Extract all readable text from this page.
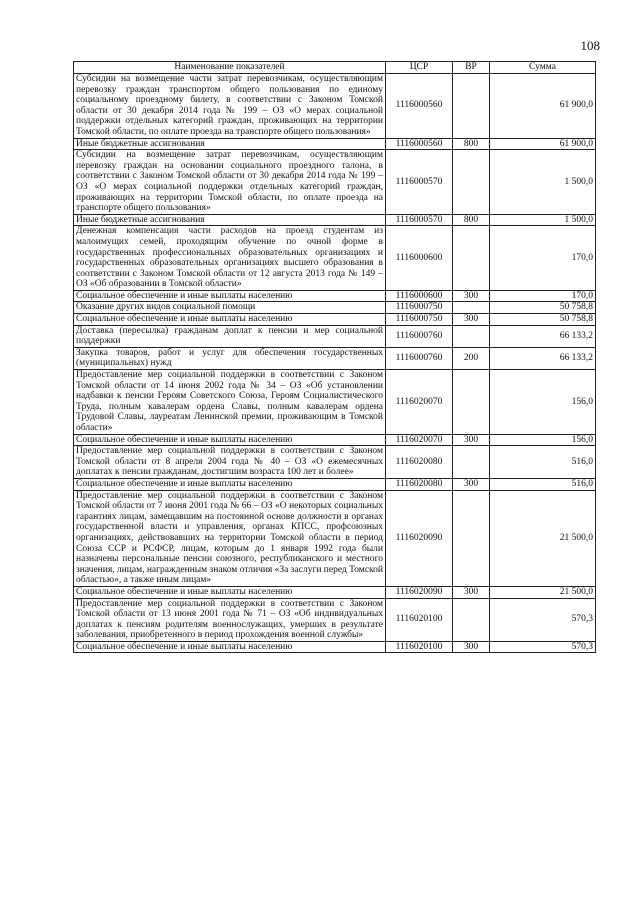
108
Наименование показателей	ЦСР	ВР	Сумма
Субсидии на возмещение части затрат перевозчикам, осуществляющим перевозку граждан транспортом общего пользования по единому социальному проездному билету, в соответствии с Законом Томской области от 30 декабря 2014 года № 199 – ОЗ «О мерах социальной поддержки отдельных категорий граждан, проживающих на территории Томской области, по оплате проезда на транспорте общего пользования»	1116000560		61 900,0
Иные бюджетные ассигнования	1116000560	800	61 900,0
Субсидии на возмещение затрат перевозчикам, осуществляющим перевозку граждан на основании социального проездного талона, в соответствии с Законом Томской области от 30 декабря 2014 года № 199 – ОЗ «О мерах социальной поддержки отдельных категорий граждан, проживающих на территории Томской области, по оплате проезда на транспорте общего пользования»	1116000570		1 500,0
Иные бюджетные ассигнования	1116000570	800	1 500,0
Денежная компенсация части расходов на проезд студентам из малоимущих семей, проходящим обучение по очной форме в государственных профессиональных образовательных организациях и государственных образовательных организациях высшего образования в соответствии с Законом Томской области от 12 августа 2013 года № 149 – ОЗ «Об образовании в Томской области»	1116000600		170,0
Социальное обеспечение и иные выплаты населению	1116000600	300	170,0
Оказание других видов социальной помощи	1116000750		50 758,8
Социальное обеспечение и иные выплаты населению	1116000750	300	50 758,8
Доставка (пересылка) гражданам доплат к пенсии и мер социальной поддержки	1116000760		66 133,2
Закупка товаров, работ и услуг для обеспечения государственных (муниципальных) нужд	1116000760	200	66 133,2
Предоставление мер социальной поддержки в соответствии с Законом Томской области от 14 июня 2002 года № 34 – ОЗ «Об установлении надбавки к пенсии Героям Советского Союза, Героям Социалистического Труда, полным кавалерам ордена Славы, полным кавалерам ордена Трудовой Славы, лауреатам Ленинской премии, проживающим в Томской области»	1116020070		156,0
Социальное обеспечение и иные выплаты населению	1116020070	300	156,0
Предоставление мер социальной поддержки в соответствии с Законом Томской области от 8 апреля 2004 года № 40 – ОЗ «О ежемесячных доплатах к пенсии гражданам, достигшим возраста 100 лет и более»	1116020080		516,0
Социальное обеспечение и иные выплаты населению	1116020080	300	516,0
Предоставление мер социальной поддержки в соответствии с Законом Томской области от 7 июня 2001 года № 66 – ОЗ «О некоторых социальных гарантиях лицам, замещавшим на постоянной основе должности в органах государственной власти и управления, органах КПСС, профсоюзных организациях, действовавших на территории Томской области в период Союза ССР и РСФСР, лицам, которым до 1 января 1992 года были назначены персональные пенсии союзного, республиканского и местного значения, лицам, награжденным знаком отличия «За заслуги перед Томской областью», а также иным лицам»	1116020090		21 500,0
Социальное обеспечение и иные выплаты населению	1116020090	300	21 500,0
Предоставление мер социальной поддержки в соответствии с Законом Томской области от 13 июня 2001 года № 71 – ОЗ «Об индивидуальных доплатах к пенсиям родителям военнослужащих, умерших в результате заболевания, приобретенного в период прохождения военной службы»	1116020100		570,3
Социальное обеспечение и иные выплаты населению	1116020100	300	570,3
